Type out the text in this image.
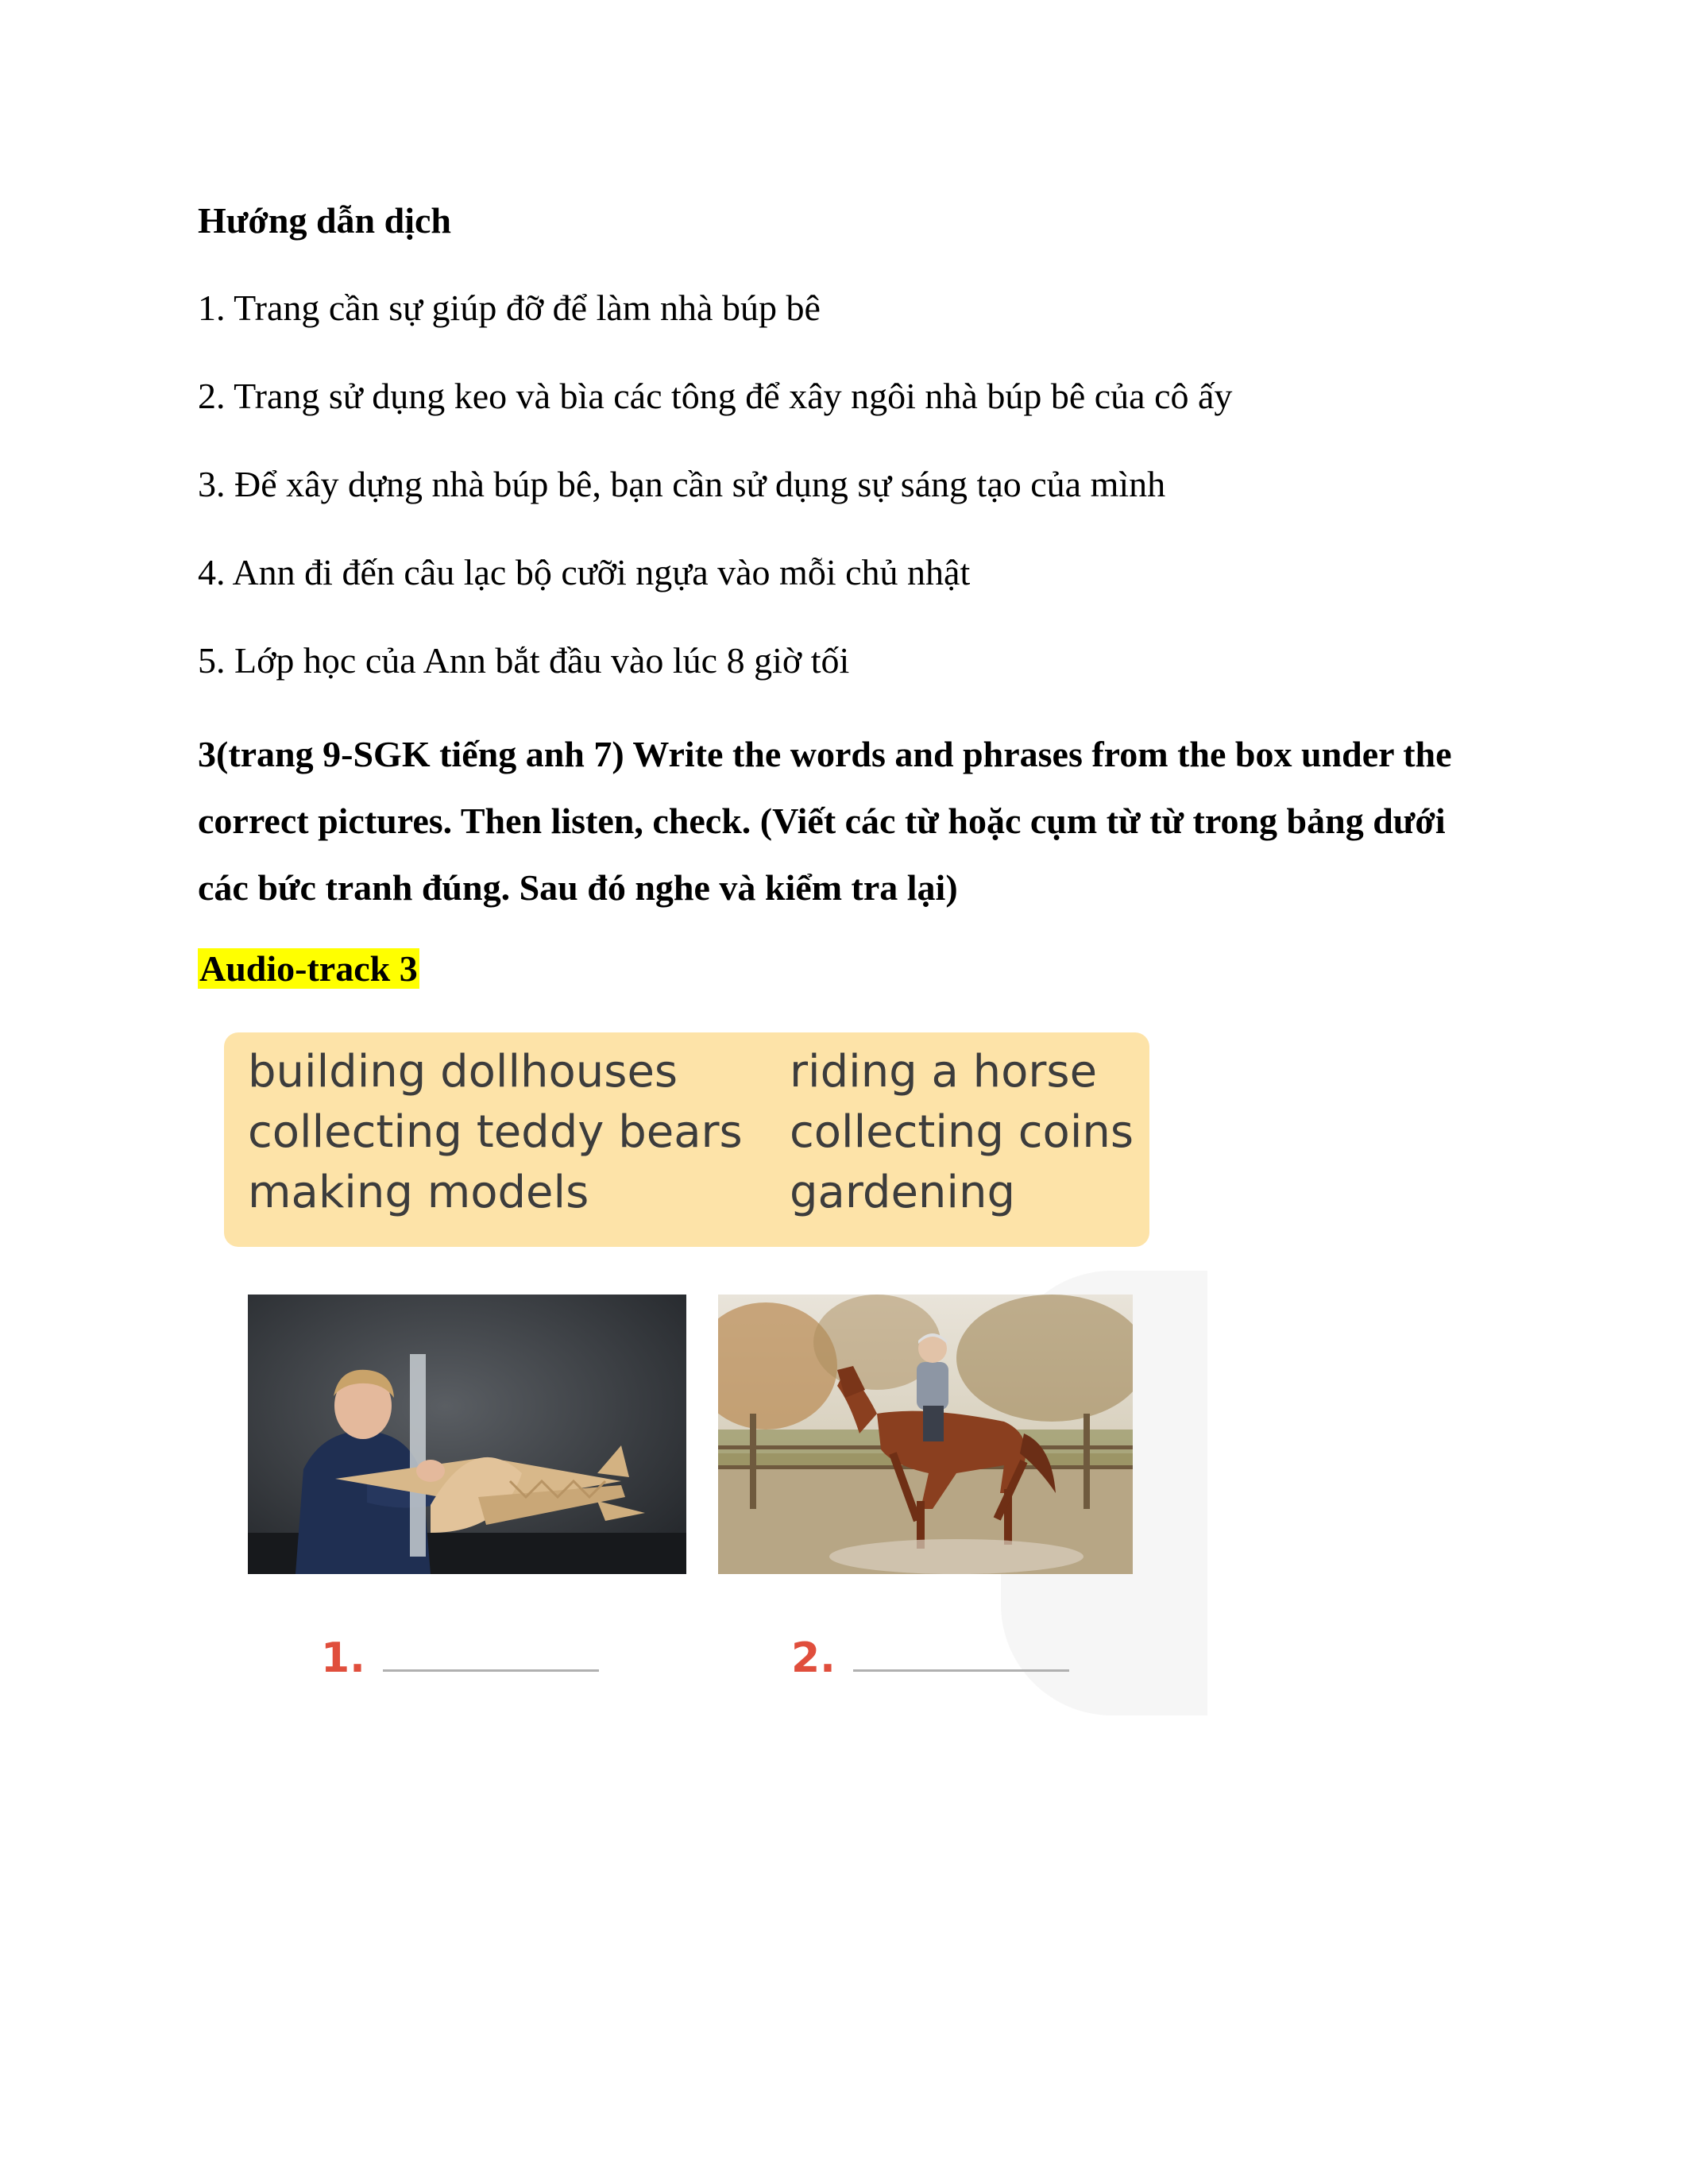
Hướng dẫn dịch
1. Trang cần sự giúp đỡ để làm nhà búp bê
2. Trang sử dụng keo và bìa các tông để xây ngôi nhà búp bê của cô ấy
3. Để xây dựng nhà búp bê, bạn cần sử dụng sự sáng tạo của mình
4. Ann đi đến câu lạc bộ cưỡi ngựa vào mỗi chủ nhật
5. Lớp học của Ann bắt đầu vào lúc 8 giờ tối
3(trang 9-SGK tiếng anh 7) Write the words and phrases from the box under the correct pictures. Then listen, check. (Viết các từ hoặc cụm từ từ trong bảng dưới các bức tranh đúng. Sau đó nghe và kiểm tra lại)
Audio-track 3
building dollhouses
collecting teddy bears
making models
riding a horse
collecting coins
gardening
1.	2.
